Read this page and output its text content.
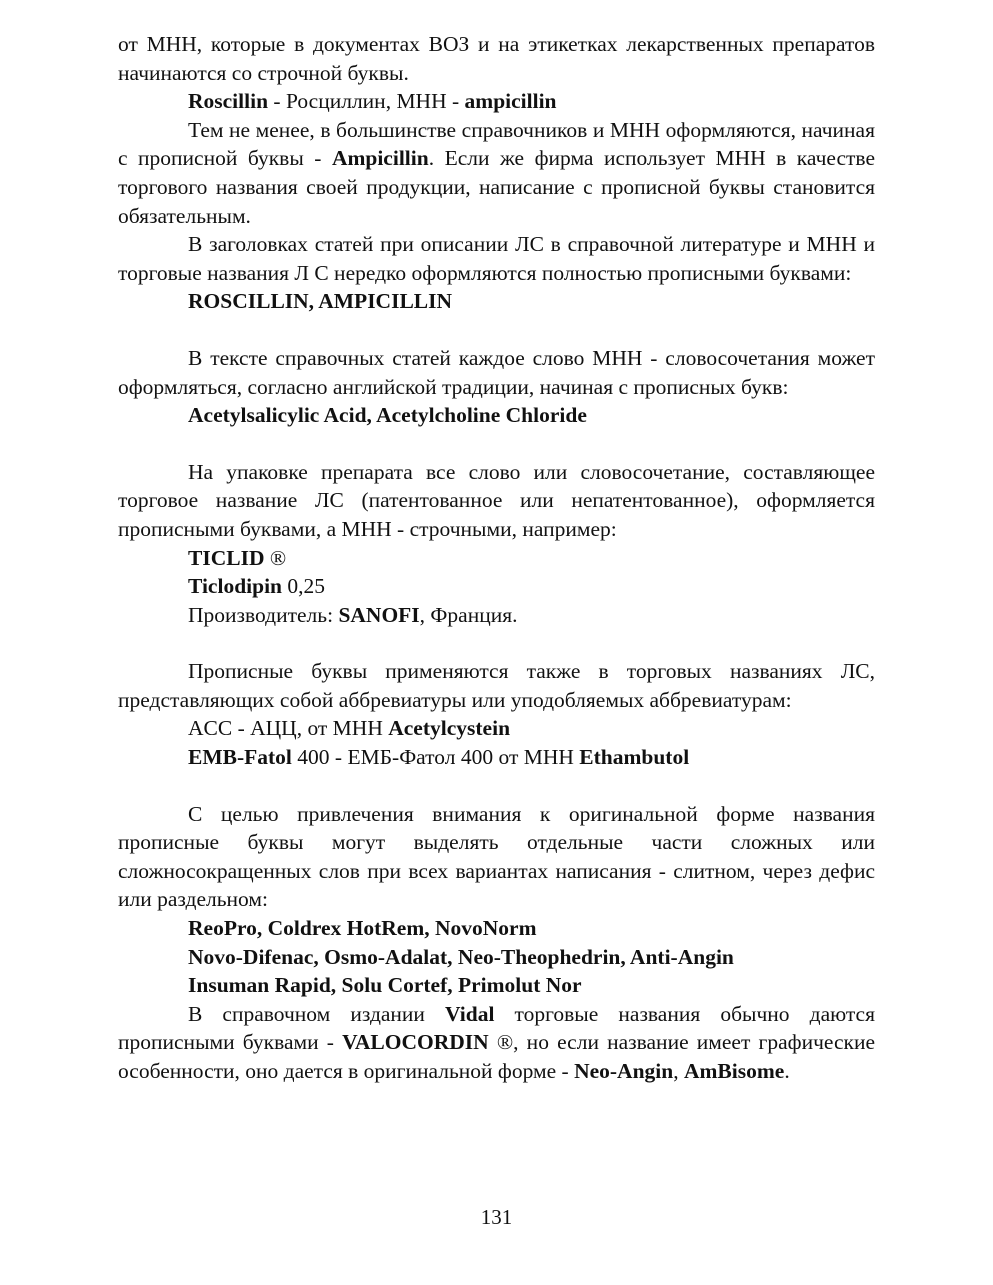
от МНН, которые в документах ВОЗ и на этикетках лекарственных препаратов начинаются со строчной буквы.

Roscillin - Росциллин, МНН - ampicillin

Тем не менее, в большинстве справочников и МНН оформляются, начиная с прописной буквы - Ampicillin. Если же фирма использует МНН в качестве торгового названия своей продукции, написание с прописной буквы становится обязательным.

В заголовках статей при описании ЛС в справочной литературе и МНН и торговые названия Л С нередко оформляются полностью прописными буквами:

ROSCILLIN, AMPICILLIN

В тексте справочных статей каждое слово МНН - словосочетания может оформляться, согласно английской традиции, начиная с прописных букв:

Acetylsalicylic Acid, Acetylcholine Chloride

На упаковке препарата все слово или словосочетание, составляющее торговое название ЛС (патентованное или непатентованное), оформляется прописными буквами, а МНН - строчными, например:

TICLID ®
Ticlodipin 0,25
Производитель: SANOFI, Франция.

Прописные буквы применяются также в торговых названиях ЛС, представляющих собой аббревиатуры или уподобляемых аббревиатурам:

ACC - АЦЦ, от МНН Acetylcystein
EMB-Fatol 400 - ЕМБ-Фатол 400 от МНН Ethambutol

С целью привлечения внимания к оригинальной форме названия прописные буквы могут выделять отдельные части сложных или сложносокращенных слов при всех вариантах написания - слитном, через дефис или раздельном:

ReoPro, Coldrex HotRem, NovoNorm
Novo-Difenac, Osmo-Adalat, Neo-Theophedrin, Anti-Angin
Insuman Rapid, Solu Cortef, Primolut Nor

В справочном издании Vidal торговые названия обычно даются прописными буквами - VALOCORDIN ®, но если название имеет графические особенности, оно дается в оригинальной форме - Neo-Angin, AmBisome.

131
